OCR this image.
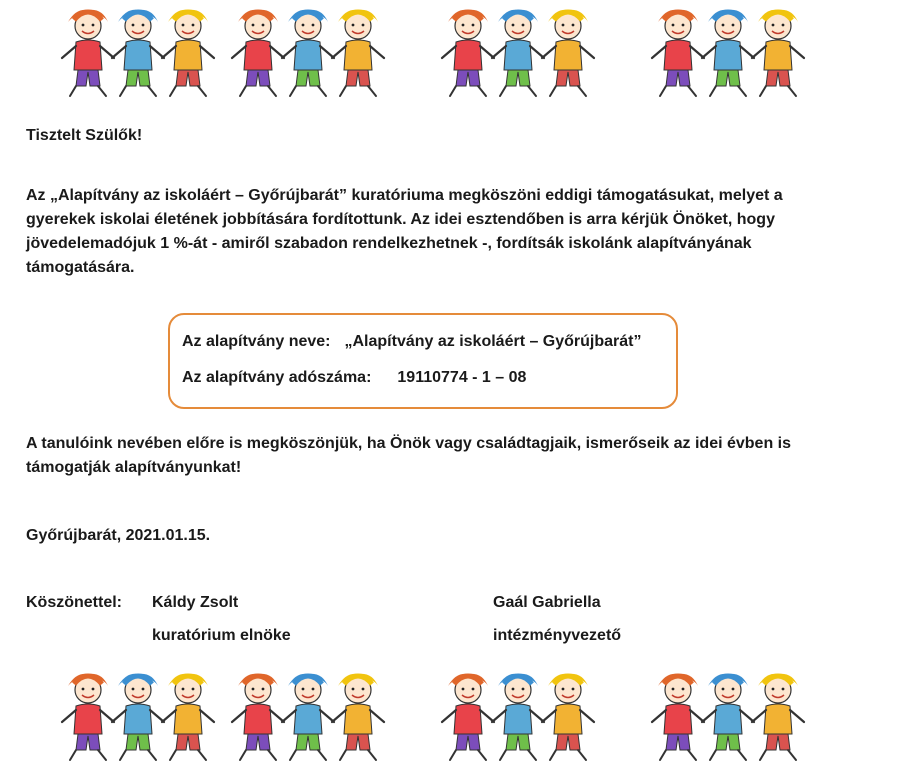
Tisztelt Szülők!
Az „Alapítvány az iskoláért – Győrújbarát” kuratóriuma megköszöni eddigi támogatásukat, melyet a gyerekek iskolai életének jobbítására fordítottunk. Az idei esztendőben is arra kérjük Önöket, hogy jövedelemadójuk 1 %-át - amiről szabadon rendelkezhetnek -, fordítsák iskolánk alapítványának támogatására.
Az alapítvány neve: „Alapítvány az iskoláért – Győrújbarát”
Az alapítvány adószáma: 19110774 - 1 – 08
A tanulóink nevében előre is megköszönjük, ha Önök vagy családtagjaik, ismerőseik az idei évben is támogatják alapítványunkat!
Győrújbarát, 2021.01.15.
Köszönettel: Káldy Zsolt
kuratórium elnöke
Gaál Gabriella
intézményvezető
